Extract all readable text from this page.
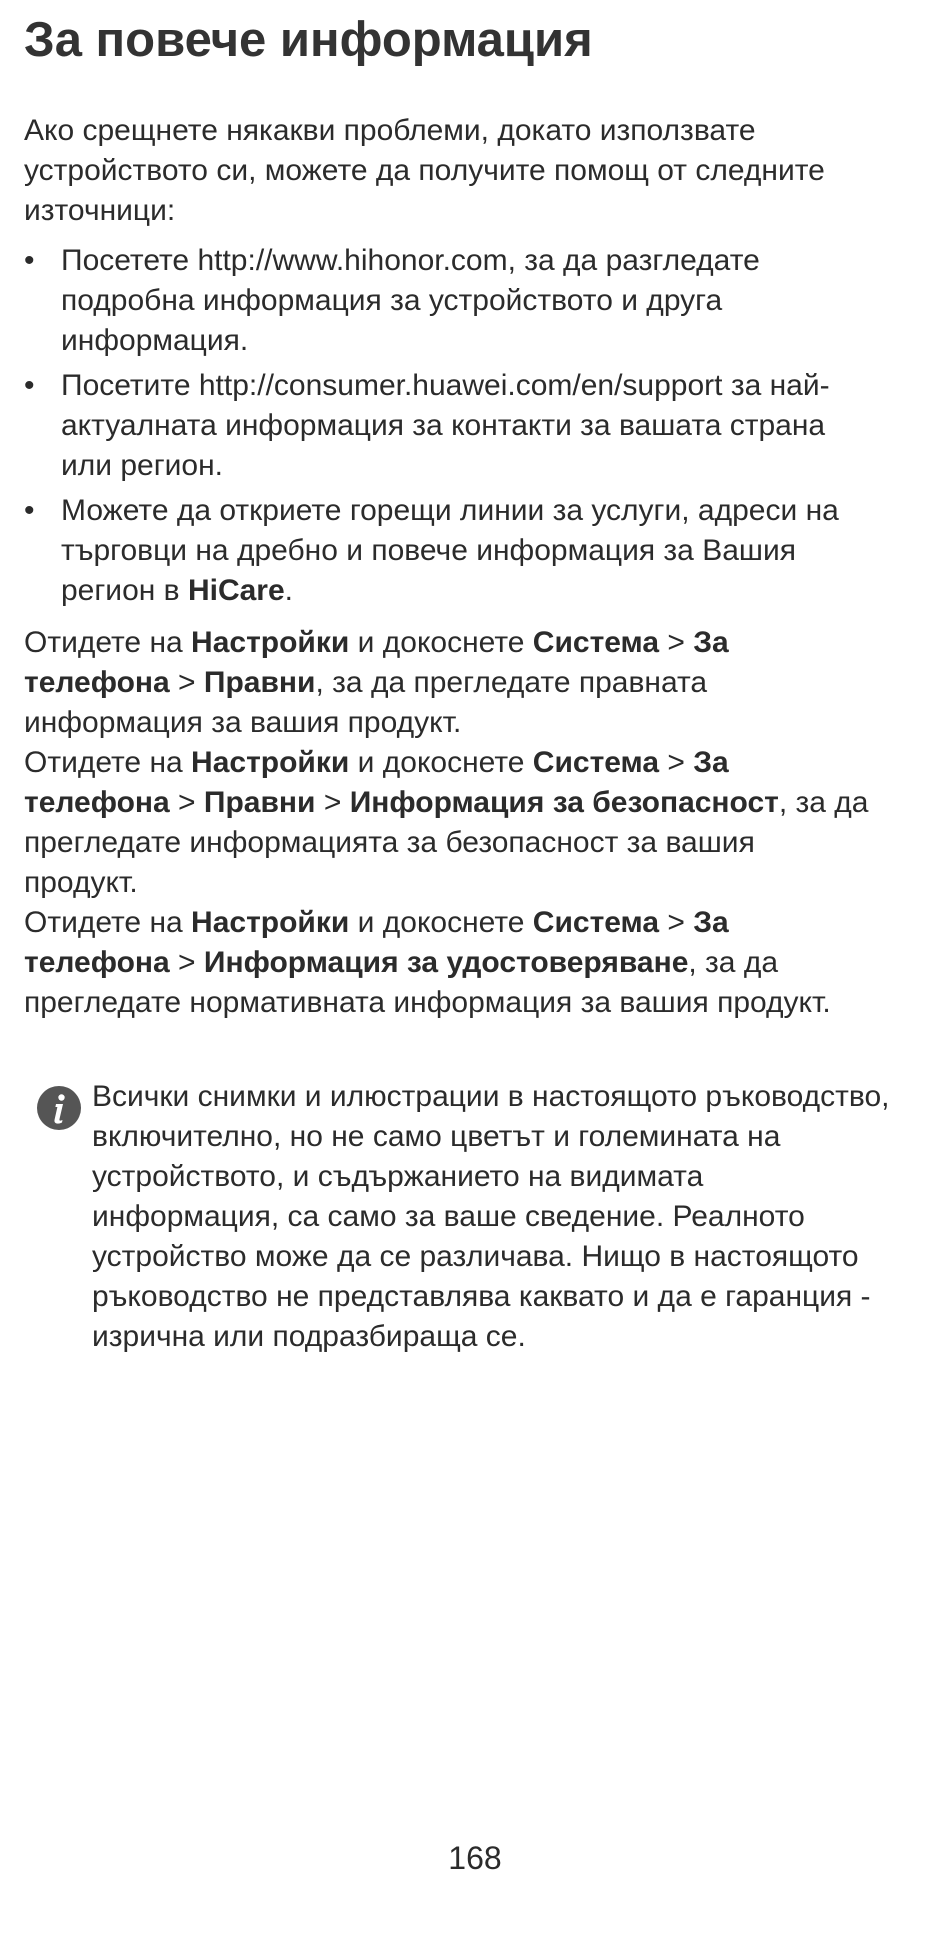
За повече информация
Ако срещнете някакви проблеми, докато използвате устройството си, можете да получите помощ от следните източници:
• Посетете http://www.hihonor.com, за да разгледате подробна информация за устройството и друга информация.
• Посетите http://consumer.huawei.com/en/support за най-актуалната информация за контакти за вашата страна или регион.
• Можете да откриете горещи линии за услуги, адреси на търговци на дребно и повече информация за Вашия регион в HiCare.
Отидете на Настройки и докоснете Система > За телефона > Правни, за да прегледате правната информация за вашия продукт.
Отидете на Настройки и докоснете Система > За телефона > Правни > Информация за безопасност, за да прегледате информацията за безопасност за вашия продукт.
Отидете на Настройки и докоснете Система > За телефона > Информация за удостоверяване, за да прегледате нормативната информация за вашия продукт.
Всички снимки и илюстрации в настоящото ръководство, включително, но не само цветът и големината на устройството, и съдържанието на видимата информация, са само за ваше сведение. Реалното устройство може да се различава. Нищо в настоящото ръководство не представлява каквато и да е гаранция - изрична или подразбираща се.
168
